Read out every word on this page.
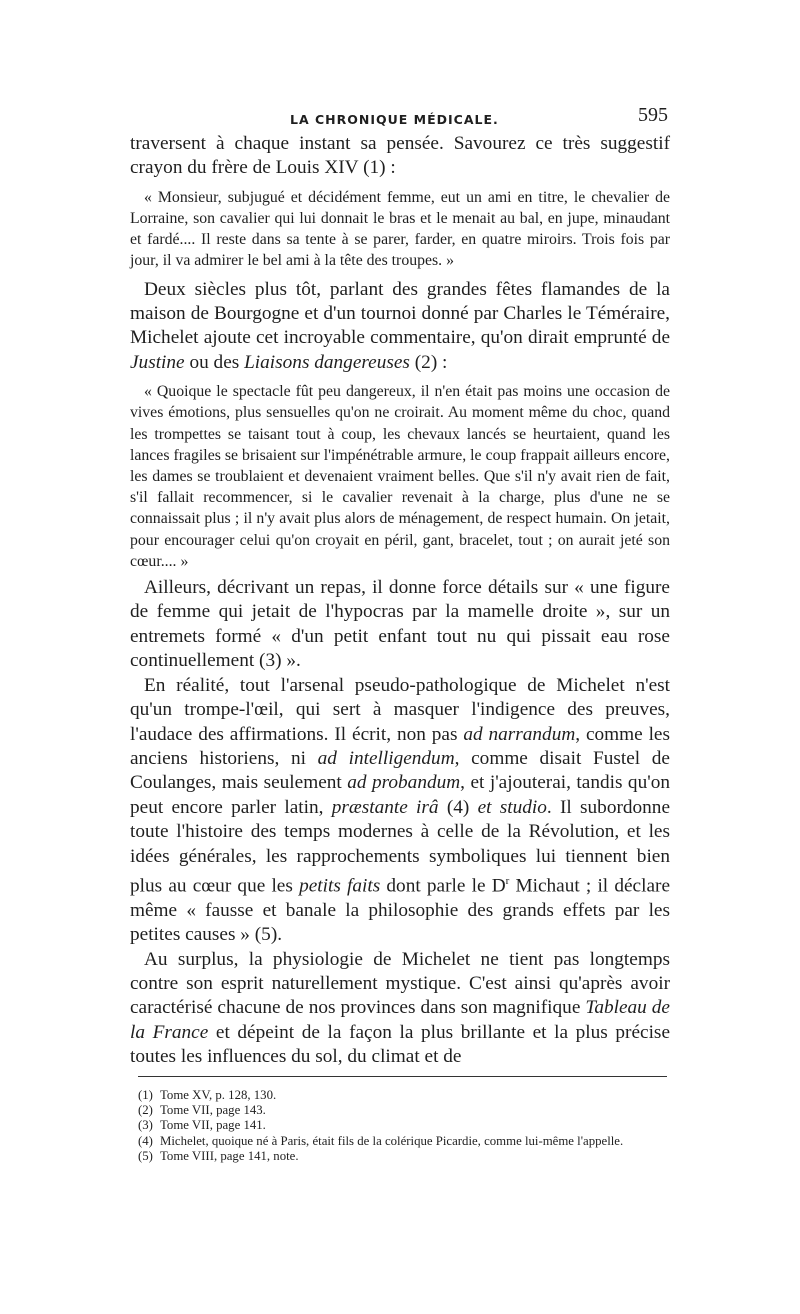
LA CHRONIQUE MÉDICALE.	595

traversent à chaque instant sa pensée. Savourez ce très suggestif crayon du frère de Louis XIV (1) :

« Monsieur, subjugué et décidément femme, eut un ami en titre, le chevalier de Lorraine, son cavalier qui lui donnait le bras et le menait au bal, en jupe, minaudant et fardé.... Il reste dans sa tente à se parer, farder, en quatre miroirs. Trois fois par jour, il va admirer le bel ami à la tête des troupes. »

Deux siècles plus tôt, parlant des grandes fêtes flamandes de la maison de Bourgogne et d'un tournoi donné par Charles le Téméraire, Michelet ajoute cet incroyable commentaire, qu'on dirait emprunté de Justine ou des Liaisons dangereuses (2) :

« Quoique le spectacle fût peu dangereux, il n'en était pas moins une occasion de vives émotions, plus sensuelles qu'on ne croirait. Au moment même du choc, quand les trompettes se taisant tout à coup, les chevaux lancés se heurtaient, quand les lances fragiles se brisaient sur l'impénétrable armure, le coup frappait ailleurs encore, les dames se troublaient et devenaient vraiment belles. Que s'il n'y avait rien de fait, s'il fallait recommencer, si le cavalier revenait à la charge, plus d'une ne se connaissait plus ; il n'y avait plus alors de ménagement, de respect humain. On jetait, pour encourager celui qu'on croyait en péril, gant, bracelet, tout ; on aurait jeté son cœur.... »

Ailleurs, décrivant un repas, il donne force détails sur « une figure de femme qui jetait de l'hypocras par la mamelle droite », sur un entremets formé « d'un petit enfant tout nu qui pissait eau rose continuellement (3) ».

En réalité, tout l'arsenal pseudo-pathologique de Michelet n'est qu'un trompe-l'œil, qui sert à masquer l'indigence des preuves, l'audace des affirmations. Il écrit, non pas ad narrandum, comme les anciens historiens, ni ad intelligendum, comme disait Fustel de Coulanges, mais seulement ad probandum, et j'ajouterai, tandis qu'on peut encore parler latin, præstante irâ (4) et studio. Il subordonne toute l'histoire des temps modernes à celle de la Révolution, et les idées générales, les rapprochements symboliques lui tiennent bien plus au cœur que les petits faits dont parle le $D^r$ Michaut ; il déclare même « fausse et banale la philosophie des grands effets par les petites causes » (5).

Au surplus, la physiologie de Michelet ne tient pas longtemps contre son esprit naturellement mystique. C'est ainsi qu'après avoir caractérisé chacune de nos provinces dans son magnifique Tableau de la France et dépeint de la façon la plus brillante et la plus précise toutes les influences du sol, du climat et de

(1) Tome XV, p. 128, 130.

(2) Tome VII, page 143.

(3) Tome VII, page 141.

(4) Michelet, quoique né à Paris, était fils de la colérique Picardie, comme lui-même l'appelle.

(5) Tome VIII, page 141, note.
